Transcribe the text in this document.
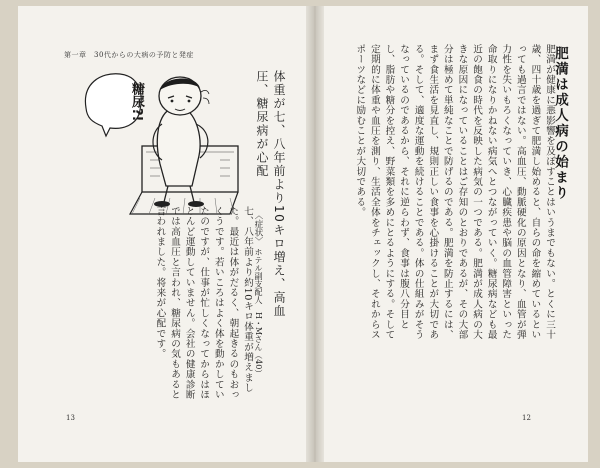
第一章　30代からの大病の予防と発症
糖尿?!	体重が七、八年前より10キロ増え、高血圧、糖尿病が心配
〈症状〉
ホテル副支配人　H・Mさん（40）
七、八年前より約10キロ体重が増えました。最近は体がだるく、朝起きるのもおっくうです。若いころはよく体を動かしていたのですが、仕事が忙しくなってからはほとんど運動していません。会社の健康診断では高血圧と言われ、糖尿病の気もあると言われました。将来が心配です。
13
肥満は成人病の始まり
肥満が健康に悪影響を及ぼすことはいうまでもない。とくに三十歳、四十歳を過ぎて肥満し始めると、自らの命を縮めているといっても過言ではない。高血圧、動脈硬化の原因となり、血管が弾力性を失いもろくなっていき、心臓疾患や脳の血管障害といった命取りになりかねない病気へとつながっていく。糖尿病なども最近の飽食の時代を反映した病気の一つである。肥満が成人病の大きな原因になっていることはご存知のとおりであるが、その大部分は極めて単純なことで防げるのである。肥満を防止するには、まず食生活を見直し、規則正しい食事を心掛けることが大切である。そして、適度な運動を続けることである。体の仕組みがそうなっているのであるから、それに逆らわず、食事は腹八分目とし、脂肪や糖分を控え、野菜類を多めにとるようにする。そして定期的に体重や血圧を測り、生活全体をチェックし、それからスポーツなどに励むことが大切である。
12
